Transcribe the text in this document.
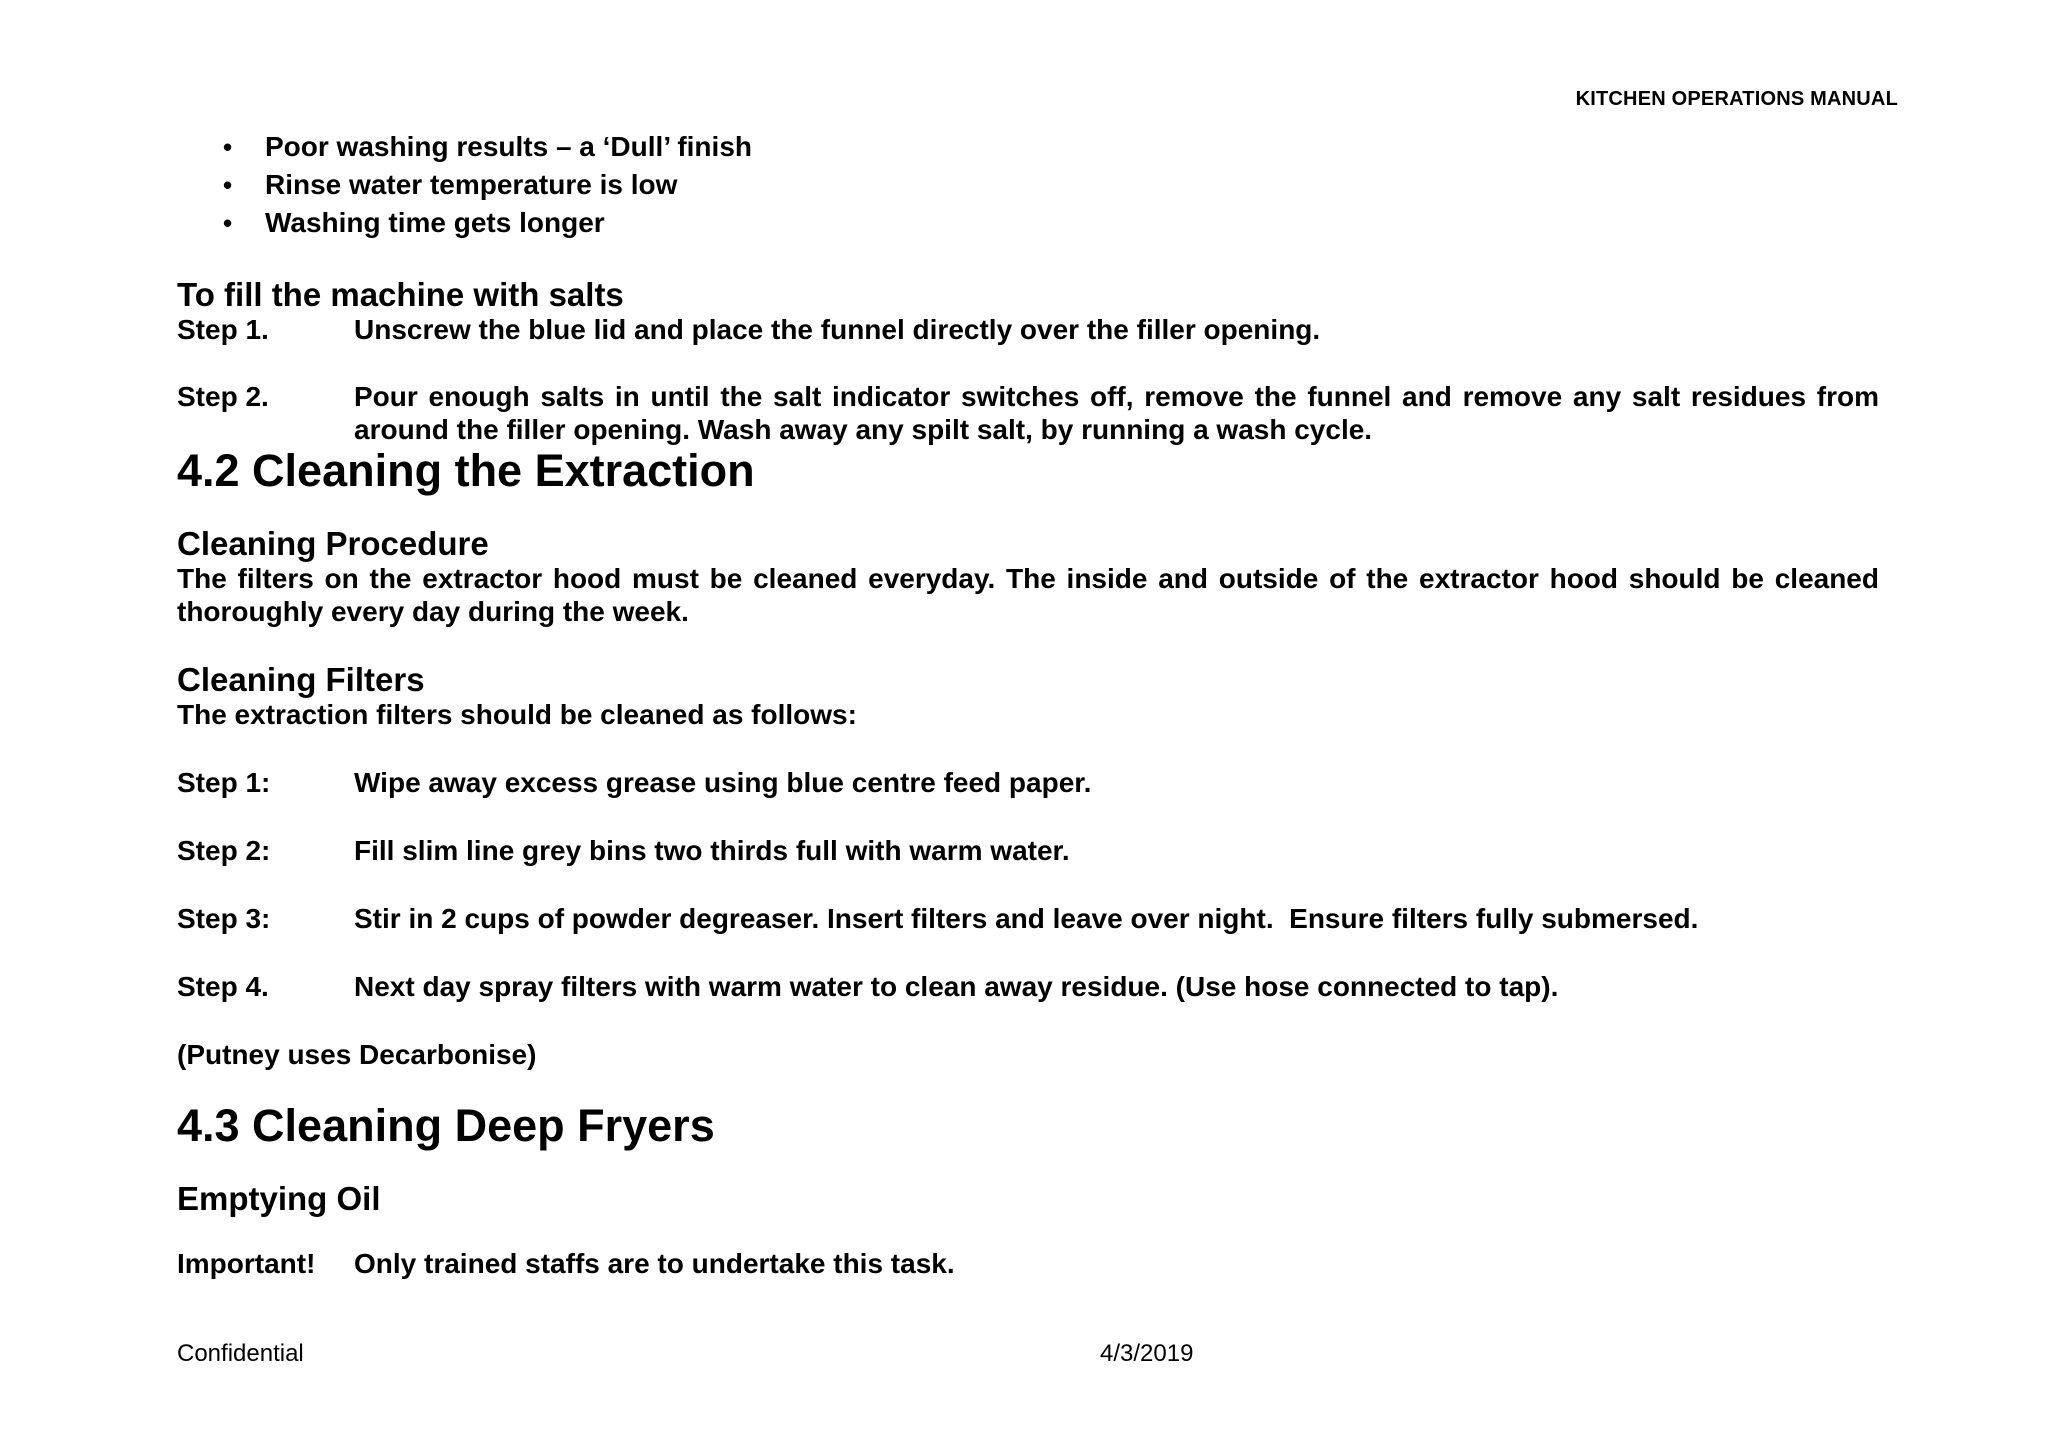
KITCHEN OPERATIONS MANUAL
• Poor washing results – a ‘Dull’ finish
• Rinse water temperature is low
• Washing time gets longer
To fill the machine with salts
Step 1.	Unscrew the blue lid and place the funnel directly over the filler opening.
Step 2.	Pour enough salts in until the salt indicator switches off, remove the funnel and remove any salt residues from around the filler opening. Wash away any spilt salt, by running a wash cycle.
4.2 Cleaning the Extraction
Cleaning Procedure
The filters on the extractor hood must be cleaned everyday. The inside and outside of the extractor hood should be cleaned thoroughly every day during the week.
Cleaning Filters
The extraction filters should be cleaned as follows:
Step 1:	Wipe away excess grease using blue centre feed paper.
Step 2:	Fill slim line grey bins two thirds full with warm water.
Step 3:	Stir in 2 cups of powder degreaser. Insert filters and leave over night.  Ensure filters fully submersed.
Step 4.	Next day spray filters with warm water to clean away residue. (Use hose connected to tap).
(Putney uses Decarbonise)
4.3 Cleaning Deep Fryers
Emptying Oil
Important!	Only trained staffs are to undertake this task.
Confidential	4/3/2019
